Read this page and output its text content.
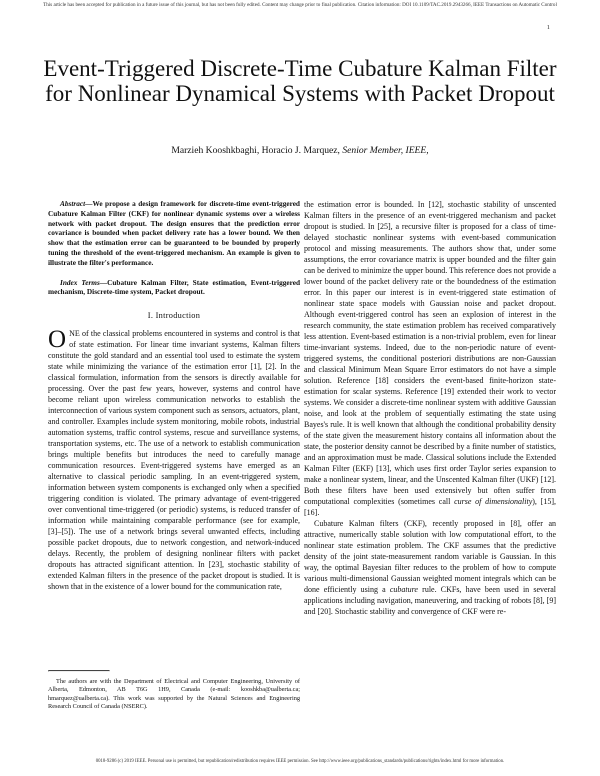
This article has been accepted for publication in a future issue of this journal, but has not been fully edited. Content may change prior to final publication. Citation information: DOI 10.1109/TAC.2019.2943266, IEEE Transactions on Automatic Control
1
Event-Triggered Discrete-Time Cubature Kalman Filter for Nonlinear Dynamical Systems with Packet Dropout
Marzieh Kooshkbaghi, Horacio J. Marquez, Senior Member, IEEE,

Abstract—We propose a design framework for discrete-time event-triggered Cubature Kalman Filter (CKF) for nonlinear dynamic systems over a wireless network with packet dropout. The design ensures that the prediction error covariance is bounded when packet delivery rate has a lower bound. We then show that the estimation error can be guaranteed to be bounded by properly tuning the threshold of the event-triggered mechanism. An example is given to illustrate the filter's performance.

Index Terms—Cubature Kalman Filter, State estimation, Event-triggered mechanism, Discrete-time system, Packet dropout.

I. Introduction

ONE of the classical problems encountered in systems and control is that of state estimation. For linear time invariant systems, Kalman filters constitute the gold standard and an essential tool used to estimate the system state while minimizing the variance of the estimation error [1], [2]. In the classical formulation, information from the sensors is directly available for processing. Over the past few years, however, systems and control have become reliant upon wireless communication networks to establish the interconnection of various system component such as sensors, actuators, plant, and controller. Examples include system monitoring, mobile robots, industrial automation systems, traffic control systems, rescue and surveillance systems, transportation systems, etc. The use of a network to establish communication brings multiple benefits but introduces the need to carefully manage communication resources. Event-triggered systems have emerged as an alternative to classical periodic sampling. In an event-triggered system, information between system components is exchanged only when a specified triggering condition is violated. The primary advantage of event-triggered over conventional time-triggered (or periodic) systems, is reduced transfer of information while maintaining comparable performance (see for example, [3]–[5]). The use of a network brings several unwanted effects, including possible packet dropouts, due to network congestion, and network-induced delays. Recently, the problem of designing nonlinear filters with packet dropouts has attracted significant attention. In [23], stochastic stability of extended Kalman filters in the presence of the packet dropout is studied. It is shown that in the existence of a lower bound for the communication rate,

The authors are with the Department of Electrical and Computer Engineering, University of Alberta, Edmonton, AB T6G 1H9, Canada (e-mail: kooshkba@ualberta.ca; hmarquez@ualberta.ca). This work was supported by the Natural Sciences and Engineering Research Council of Canada (NSERC).

the estimation error is bounded. In [12], stochastic stability of unscented Kalman filters in the presence of an event-triggered mechanism and packet dropout is studied. In [25], a recursive filter is proposed for a class of time-delayed stochastic nonlinear systems with event-based communication protocol and missing measurements. The authors show that, under some assumptions, the error covariance matrix is upper bounded and the filter gain can be derived to minimize the upper bound. This reference does not provide a lower bound of the packet delivery rate or the boundedness of the estimation error. In this paper our interest is in event-triggered state estimation of nonlinear state space models with Gaussian noise and packet dropout. Although event-triggered control has seen an explosion of interest in the research community, the state estimation problem has received comparatively less attention. Event-based estimation is a non-trivial problem, even for linear time-invariant systems. Indeed, due to the non-periodic nature of event-triggered systems, the conditional posteriori distributions are non-Gaussian and classical Minimum Mean Square Error estimators do not have a simple solution. Reference [18] considers the event-based finite-horizon state-estimation for scalar systems. Reference [19] extended their work to vector systems. We consider a discrete-time nonlinear system with additive Gaussian noise, and look at the problem of sequentially estimating the state using Bayes's rule. It is well known that although the conditional probability density of the state given the measurement history contains all information about the state, the posterior density cannot be described by a finite number of statistics, and an approximation must be made. Classical solutions include the Extended Kalman Filter (EKF) [13], which uses first order Taylor series expansion to make a nonlinear system, linear, and the Unscented Kalman filter (UKF) [12]. Both these filters have been used extensively but often suffer from computational complexities (sometimes call curse of dimensionality), [15], [16].

Cubature Kalman filters (CKF), recently proposed in [8], offer an attractive, numerically stable solution with low computational effort, to the nonlinear state estimation problem. The CKF assumes that the predictive density of the joint state-measurement random variable is Gaussian. In this way, the optimal Bayesian filter reduces to the problem of how to compute various multi-dimensional Gaussian weighted moment integrals which can be done efficiently using a cubature rule. CKFs, have been used in several applications including navigation, maneuvering, and tracking of robots [8], [9] and [20]. Stochastic stability and convergence of CKF were re-

0018-9286 (c) 2019 IEEE. Personal use is permitted, but republication/redistribution requires IEEE permission. See http://www.ieee.org/publications_standards/publications/rights/index.html for more information.
